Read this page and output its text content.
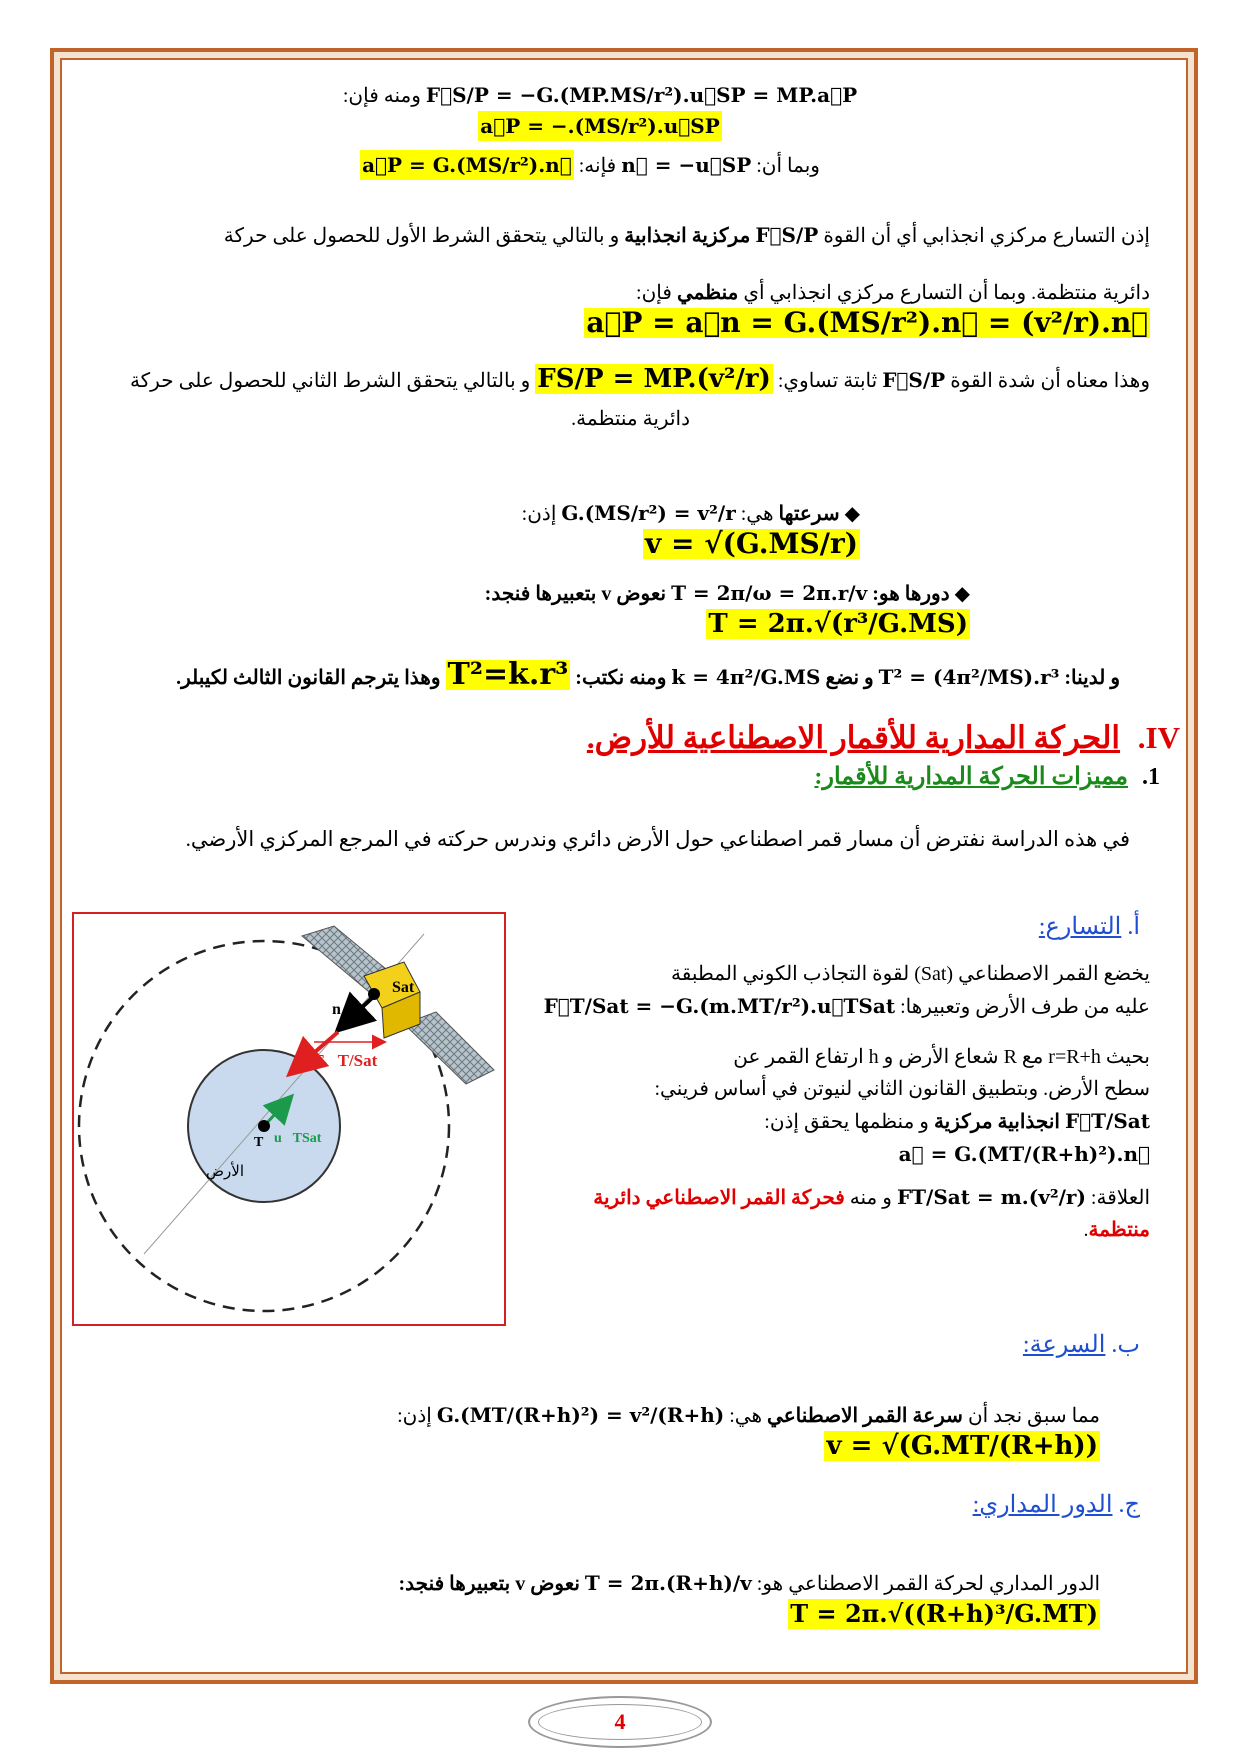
F⃗S/P = −G.(MP.MS/r²).u⃗SP = MP.a⃗P ومنه فإن: a⃗P = −.(MS/r²).u⃗SP
وبما أن: n⃗ = −u⃗SP فإنه: a⃗P = G.(MS/r²).n⃗
إذن التسارع مركزي انجذابي أي أن القوة F⃗S/P مركزية انجذابية و بالتالي يتحقق الشرط الأول للحصول على حركة
دائرية منتظمة. وبما أن التسارع مركزي انجذابي أي منظمي فإن: a⃗P = a⃗n = G.(MS/r²).n⃗ = (v²/r).n⃗
وهذا معناه أن شدة القوة F⃗S/P ثابتة تساوي: FS/P = MP.(v²/r) و بالتالي يتحقق الشرط الثاني للحصول على حركة
دائرية منتظمة.
◆ سرعتها هي: G.(MS/r²) = v²/r إذن: v = √(G.MS/r)
◆ دورها هو: T = 2π/ω = 2π.r/v نعوض v بتعبيرها فنجد: T = 2π.√(r³/G.MS)
و لدينا: T² = (4π²/MS).r³ و نضع k = 4π²/G.MS ومنه نكتب: T²=k.r³ وهذا يترجم القانون الثالث لكيبلر.
IV. الحركة المدارية للأقمار الاصطناعية للأرض.
1. مميزات الحركة المدارية للأقمار:
في هذه الدراسة نفترض أن مسار قمر اصطناعي حول الأرض دائري وندرس حركته في المرجع المركزي الأرضي.
أ. التسارع:
يخضع القمر الاصطناعي (Sat) لقوة التجاذب الكوني المطبقة
عليه من طرف الأرض وتعبيرها: F⃗T/Sat = −G.(m.MT/r²).u⃗TSat
بحيث r=R+h مع R شعاع الأرض و h ارتفاع القمر عن
سطح الأرض. وبتطبيق القانون الثاني لنيوتن في أساس فريني:
F⃗T/Sat انجذابية مركزية و منظمها يحقق إذن: a⃗ = G.(MT/(R+h)²).n⃗
العلاقة: FT/Sat = m.(v²/r) و منه فحركة القمر الاصطناعي دائرية
منتظمة.
Sat
n⃗
F⃗T/Sat
u⃗TSat
T
الأرض
ب. السرعة:
مما سبق نجد أن سرعة القمر الاصطناعي هي: G.(MT/(R+h)²) = v²/(R+h) إذن: v = √(G.MT/(R+h))
ج. الدور المداري:
الدور المداري لحركة القمر الاصطناعي هو: T = 2π.(R+h)/v نعوض v بتعبيرها فنجد: T = 2π.√((R+h)³/G.MT)
4
